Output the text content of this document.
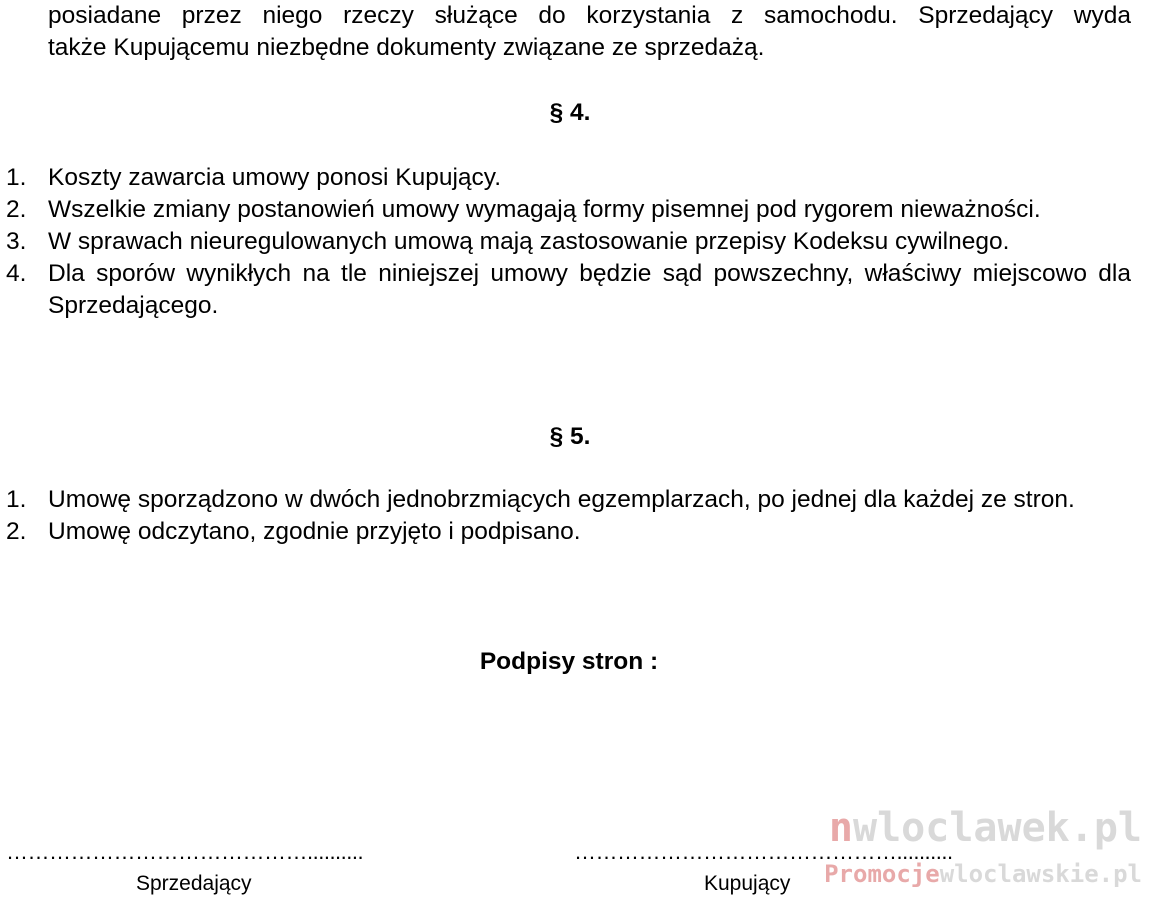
posiadane przez niego rzeczy służące do korzystania z samochodu. Sprzedający wyda
także Kupującemu niezbędne dokumenty związane ze sprzedażą.
§ 4.
1. Koszty zawarcia umowy ponosi Kupujący.
2. Wszelkie zmiany postanowień umowy wymagają formy pisemnej pod rygorem nieważności.
3. W sprawach nieuregulowanych umową mają zastosowanie przepisy Kodeksu cywilnego.
4. Dla sporów wynikłych na tle niniejszej umowy będzie sąd powszechny, właściwy miejscowo dla Sprzedającego.
§ 5.
1. Umowę sporządzono w dwóch jednobrzmiących egzemplarzach, po jednej dla każdej ze stron.
2. Umowę odczytano, zgodnie przyjęto i podpisano.
Podpisy stron :
……………………………………..........	………………………………………..........
Sprzedający	Kupujący
nwloclawek.pl
Promocjewloclawskie.pl
